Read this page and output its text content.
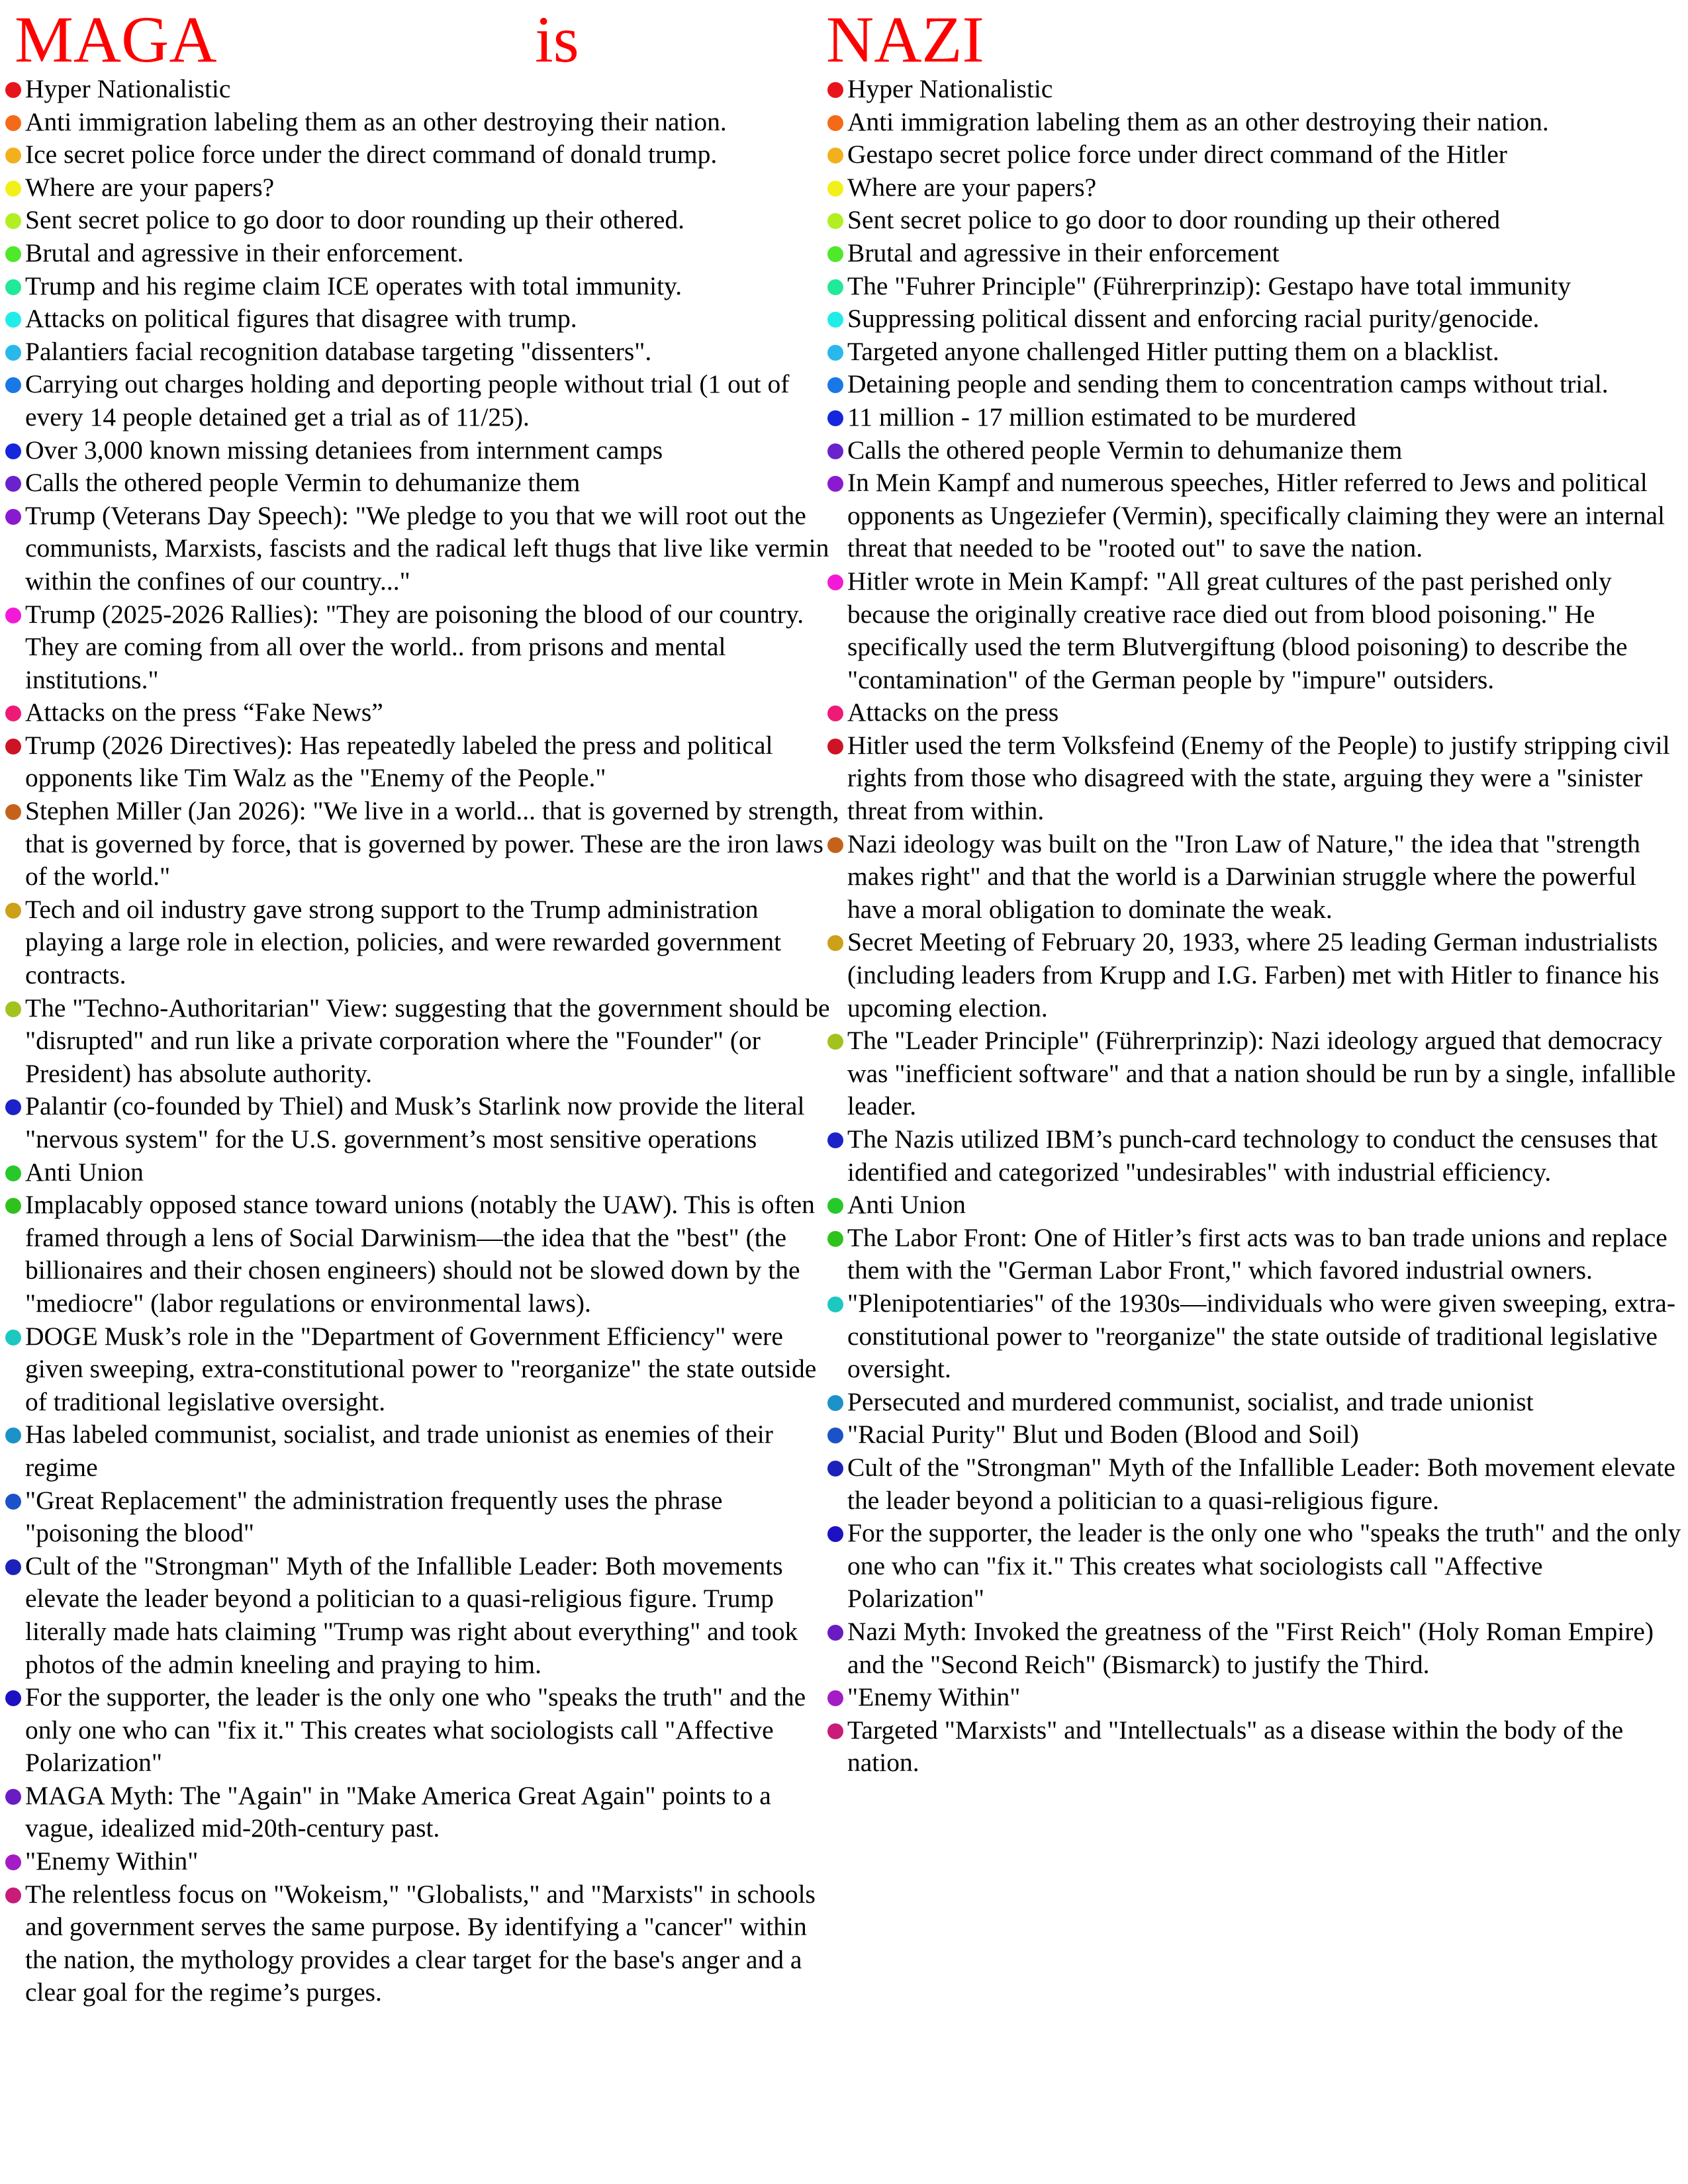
MAGA	is	NAZI
Hyper Nationalistic
Anti immigration labeling them as an other destroying their nation.
Ice secret police force under the direct command of donald trump.
Where are your papers?
Sent secret police to go door to door rounding up their othered.
Brutal and agressive in their enforcement.
Trump and his regime claim ICE operates with total immunity.
Attacks on political figures that disagree with trump.
Palantiers facial recognition database targeting "dissenters".
Carrying out charges holding and deporting people without trial (1 out of every 14 people detained get a trial as of 11/25).
Over 3,000 known missing detaniees from internment camps
Calls the othered people Vermin to dehumanize them
Trump (Veterans Day Speech): "We pledge to you that we will root out the communists, Marxists, fascists and the radical left thugs that live like vermin within the confines of our country..."
Trump (2025-2026 Rallies): "They are poisoning the blood of our country. They are coming from all over the world.. from prisons and mental institutions."
Attacks on the press “Fake News”
Trump (2026 Directives): Has repeatedly labeled the press and political opponents like Tim Walz as the "Enemy of the People."
Stephen Miller (Jan 2026): "We live in a world... that is governed by strength, that is governed by force, that is governed by power. These are the iron laws of the world."
Tech and oil industry gave strong support to the Trump administration playing a large role in election, policies, and were rewarded government contracts.
The "Techno-Authoritarian" View: suggesting that the government should be "disrupted" and run like a private corporation where the "Founder" (or President) has absolute authority.
Palantir (co-founded by Thiel) and Musk’s Starlink now provide the literal "nervous system" for the U.S. government’s most sensitive operations
Anti Union
Implacably opposed stance toward unions (notably the UAW). This is often framed through a lens of Social Darwinism—the idea that the "best" (the billionaires and their chosen engineers) should not be slowed down by the "mediocre" (labor regulations or environmental laws).
DOGE Musk’s role in the "Department of Government Efficiency" were given sweeping, extra-constitutional power to "reorganize" the state outside of traditional legislative oversight.
Has labeled communist, socialist, and trade unionist as enemies of their regime
"Great Replacement" the administration frequently uses the phrase "poisoning the blood"
Cult of the "Strongman" Myth of the Infallible Leader: Both movements elevate the leader beyond a politician to a quasi-religious figure. Trump literally made hats claiming "Trump was right about everything" and took photos of the admin kneeling and praying to him.
For the supporter, the leader is the only one who "speaks the truth" and the only one who can "fix it." This creates what sociologists call "Affective Polarization"
MAGA Myth: The "Again" in "Make America Great Again" points to a vague, idealized mid-20th-century past.
"Enemy Within"
The relentless focus on "Wokeism," "Globalists," and "Marxists" in schools and government serves the same purpose. By identifying a "cancer" within the nation, the mythology provides a clear target for the base's anger and a clear goal for the regime’s purges.
Hyper Nationalistic
Anti immigration labeling them as an other destroying their nation.
Gestapo secret police force under direct command of the Hitler
Where are your papers?
Sent secret police to go door to door rounding up their othered
Brutal and agressive in their enforcement
The "Fuhrer Principle" (Führerprinzip): Gestapo have total immunity
Suppressing political dissent and enforcing racial purity/genocide.
Targeted anyone challenged Hitler putting them on a blacklist.
Detaining people and sending them to concentration camps without trial.
11 million - 17 million estimated to be murdered
Calls the othered people Vermin to dehumanize them
In Mein Kampf and numerous speeches, Hitler referred to Jews and political opponents as Ungeziefer (Vermin), specifically claiming they were an internal threat that needed to be "rooted out" to save the nation.
Hitler wrote in Mein Kampf: "All great cultures of the past perished only because the originally creative race died out from blood poisoning." He specifically used the term Blutvergiftung (blood poisoning) to describe the "contamination" of the German people by "impure" outsiders.
Attacks on the press
Hitler used the term Volksfeind (Enemy of the People) to justify stripping civil rights from those who disagreed with the state, arguing they were a "sinister threat from within.
Nazi ideology was built on the "Iron Law of Nature," the idea that "strength makes right" and that the world is a Darwinian struggle where the powerful have a moral obligation to dominate the weak.
Secret Meeting of February 20, 1933, where 25 leading German industrialists (including leaders from Krupp and I.G. Farben) met with Hitler to finance his upcoming election.
The "Leader Principle" (Führerprinzip): Nazi ideology argued that democracy was "inefficient software" and that a nation should be run by a single, infallible leader.
The Nazis utilized IBM’s punch-card technology to conduct the censuses that identified and categorized "undesirables" with industrial efficiency.
Anti Union
The Labor Front: One of Hitler’s first acts was to ban trade unions and replace them with the "German Labor Front," which favored industrial owners.
"Plenipotentiaries" of the 1930s—individuals who were given sweeping, extra-constitutional power to "reorganize" the state outside of traditional legislative oversight.
Persecuted and murdered communist, socialist, and trade unionist
"Racial Purity" Blut und Boden (Blood and Soil)
Cult of the "Strongman" Myth of the Infallible Leader: Both movement elevate the leader beyond a politician to a quasi-religious figure.
For the supporter, the leader is the only one who "speaks the truth" and the only one who can "fix it." This creates what sociologists call "Affective Polarization"
Nazi Myth: Invoked the greatness of the "First Reich" (Holy Roman Empire) and the "Second Reich" (Bismarck) to justify the Third.
"Enemy Within"
Targeted "Marxists" and "Intellectuals" as a disease within the body of the nation.
